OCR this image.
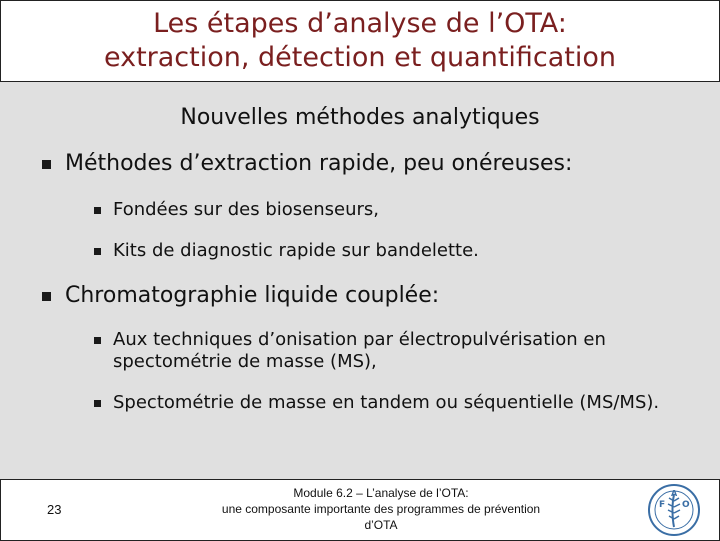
Les étapes d’analyse de l’OTA:
extraction, détection et quantification
Nouvelles méthodes analytiques
Méthodes d’extraction rapide, peu onéreuses:
Fondées sur des biosenseurs,
Kits de diagnostic rapide sur bandelette.
Chromatographie liquide couplée:
Aux techniques d’onisation par électropulvérisation en spectométrie de masse (MS),
Spectométrie de masse en tandem ou séquentielle (MS/MS).
23
Module 6.2 – L’analyse de l’OTA:
une composante importante des programmes de prévention
d’OTA
F O
A
